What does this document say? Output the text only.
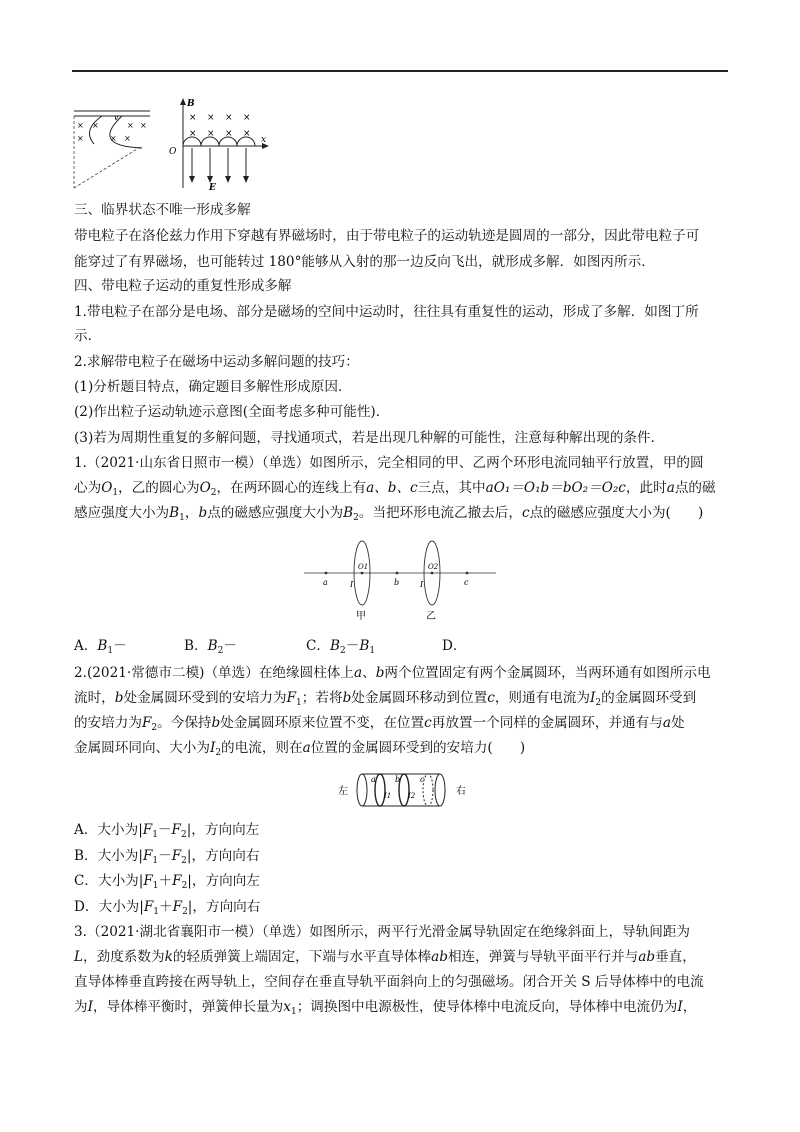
× ×	× ×
×	× ×
v
B
x
O
E
× × × ×
× × × ×
三、临界状态不唯一形成多解
带电粒子在洛伦兹力作用下穿越有界磁场时，由于带电粒子的运动轨迹是圆周的一部分，因此带电粒子可
能穿过了有界磁场，也可能转过 180°能够从入射的那一边反向飞出，就形成多解．如图丙所示．
四、带电粒子运动的重复性形成多解
1.带电粒子在部分是电场、部分是磁场的空间中运动时，往往具有重复性的运动，形成了多解．如图丁所
示．
2.求解带电粒子在磁场中运动多解问题的技巧：
(1)分析题目特点，确定题目多解性形成原因．
(2)作出粒子运动轨迹示意图(全面考虑多种可能性)．
(3)若为周期性重复的多解问题，寻找通项式，若是出现几种解的可能性，注意每种解出现的条件．
1.（2021·山东省日照市一模）（单选）如图所示，完全相同的甲、乙两个环形电流同轴平行放置，甲的圆
心为$O_1$，乙的圆心为$O_2$，在两环圆心的连线上有a、b、c三点，其中aO₁＝O₁b＝bO₂＝O₂c，此时a点的磁
感应强度大小为$B_1$，b点的磁感应强度大小为$B_2$。当把环形电流乙撤去后，c点的磁感应强度大小为(　　)
a	b	c
O1	O2
I	I
甲	乙
A．$B_1-$	B．$B_2-$	C．$B_2-B_1$	D．
2.(2021·常德市二模)（单选）在绝缘圆柱体上a、b两个位置固定有两个金属圆环，当两环通有如图所示电
流时，b处金属圆环受到的安培力为$F_1$；若将b处金属圆环移动到位置c，则通有电流为$I_2$的金属圆环受到
的安培力为$F_2$。今保持b处金属圆环原来位置不变，在位置c再放置一个同样的金属圆环，并通有与a处
金属圆环同向、大小为$I_2$的电流，则在a位置的金属圆环受到的安培力(　　)
左	右
a b c
I1 I2
A．大小为$|F_1-F_2|$，方向向左
B．大小为$|F_1-F_2|$，方向向右
C．大小为$|F_1+F_2|$，方向向左
D．大小为$|F_1+F_2|$，方向向右
3.（2021·湖北省襄阳市一模）（单选）如图所示，两平行光滑金属导轨固定在绝缘斜面上，导轨间距为
L，劲度系数为k的轻质弹簧上端固定，下端与水平直导体棒ab相连，弹簧与导轨平面平行并与ab垂直，
直导体棒垂直跨接在两导轨上，空间存在垂直导轨平面斜向上的匀强磁场。闭合开关 S 后导体棒中的电流
为I，导体棒平衡时，弹簧伸长量为$x_1$；调换图中电源极性，使导体棒中电流反向，导体棒中电流仍为I，
